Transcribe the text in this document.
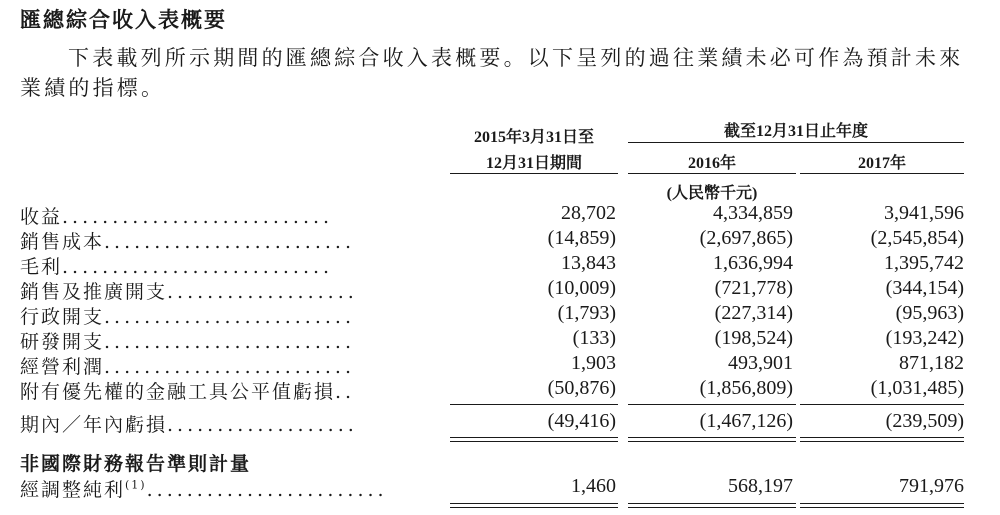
匯總綜合收入表概要
下表載列所示期間的匯總綜合收入表概要。以下呈列的過往業績未必可作為預計未來
業績的指標。
2015年3月31日至
12月31日期間
截至12月31日止年度
2016年	2017年
(人民幣千元)
收益...........................	28,702	4,334,859	3,941,596
銷售成本.........................	(14,859)	(2,697,865)	(2,545,854)
毛利...........................	13,843	1,636,994	1,395,742
銷售及推廣開支...................	(10,009)	(721,778)	(344,154)
行政開支.........................	(1,793)	(227,314)	(95,963)
研發開支.........................	(133)	(198,524)	(193,242)
經營利潤.........................	1,903	493,901	871,182
附有優先權的金融工具公平值虧損..	(50,876)	(1,856,809)	(1,031,485)
期內／年內虧損...................	(49,416)	(1,467,126)	(239,509)
非國際財務報告準則計量
經調整純利$^{(1)}$........................	1,460	568,197	791,976
